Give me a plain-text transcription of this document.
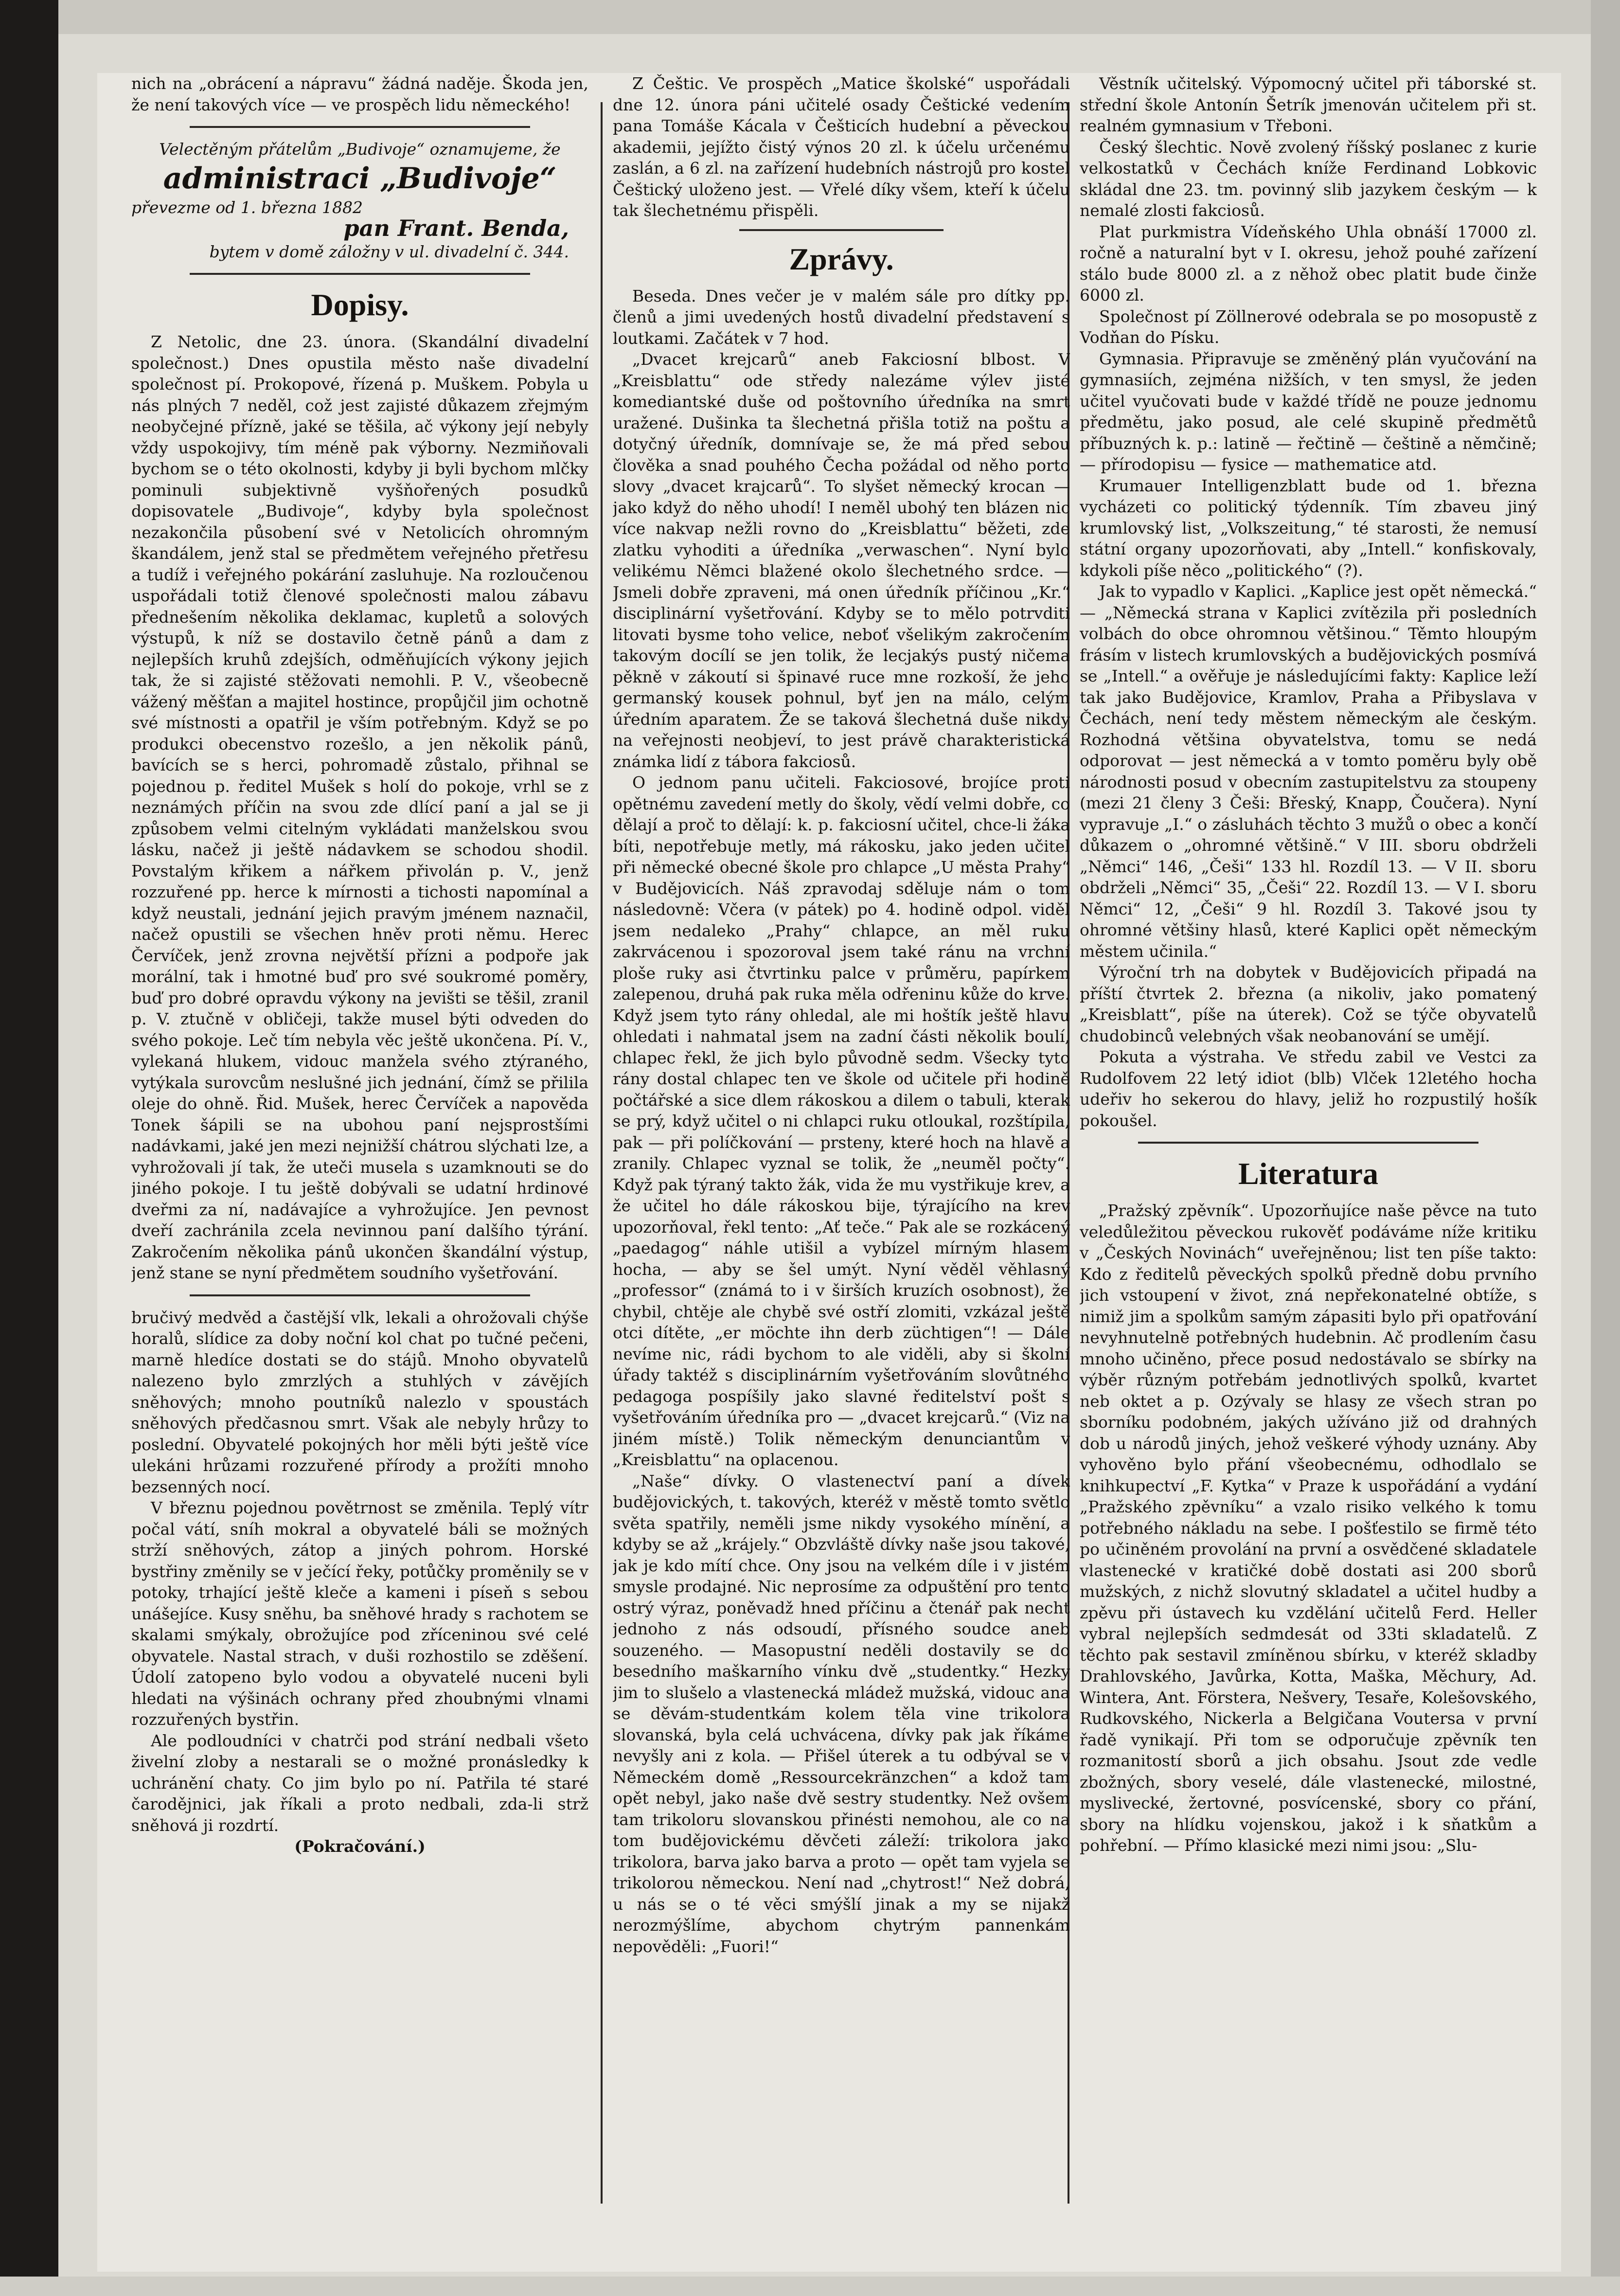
nich na „obrácení a nápravu“ žádná naděje. Škoda jen, že není takových více — ve prospěch lidu německého!

Velectěným přátelům „Budivoje“ oznamujeme, že

administraci „Budivoje“

převezme od 1. března 1882

pan Frant. Benda,

bytem v domě záložny v ul. divadelní č. 344.

Dopisy.

Z Netolic, dne 23. února. (Skandální divadelní společnost.) Dnes opustila město naše divadelní společnost pí. Prokopové, řízená p. Muškem. Pobyla u nás plných 7 neděl, což jest zajisté důkazem zřejmým neobyčejné přízně, jaké se těšila, ač výkony její nebyly vždy uspokojivy, tím méně pak výborny. Nezmiňovali bychom se o této okolnosti, kdyby ji byli bychom mlčky pominuli subjektivně vyšňořených posudků dopisovatele „Budivoje“, kdyby byla společnost nezakončila působení své v Netolicích ohromným škandálem, jenž stal se předmětem veřejného přetřesu a tudíž i veřejného pokárání zasluhuje. Na rozloučenou uspořádali totiž členové společnosti malou zábavu přednešením několika deklamac, kupletů a solových výstupů, k níž se dostavilo četně pánů a dam z nejlepších kruhů zdejších, odměňujících výkony jejich tak, že si zajisté stěžovati nemohli. P. V., všeobecně vážený měšťan a majitel hostince, propůjčil jim ochotně své místnosti a opatřil je vším potřebným. Když se po produkci obecenstvo rozešlo, a jen několik pánů, bavících se s herci, pohromadě zůstalo, přihnal se pojednou p. ředitel Mušek s holí do pokoje, vrhl se z neznámých příčin na svou zde dlící paní a jal se ji způsobem velmi citelným vykládati manželskou svou lásku, načež ji ještě nádavkem se schodou shodil. Povstalým křikem a nářkem přivolán p. V., jenž rozzuřené pp. herce k mírnosti a tichosti napomínal a když neustali, jednání jejich pravým jménem naznačil, načež opustili se všechen hněv proti němu. Herec Červíček, jenž zrovna největší přízni a podpoře jak morální, tak i hmotné buď pro své soukromé poměry, buď pro dobré opravdu výkony na jevišti se těšil, zranil p. V. ztučně v obličeji, takže musel býti odveden do svého pokoje. Leč tím nebyla věc ještě ukončena. Pí. V., vylekaná hlukem, vidouc manžela svého ztýraného, vytýkala surovcům neslušné jich jednání, čímž se přilila oleje do ohně. Řid. Mušek, herec Červíček a napověda Tonek šápili se na ubohou paní nejsprostšími nadávkami, jaké jen mezi nejnižší chátrou slýchati lze, a vyhrožovali jí tak, že uteči musela s uzamknouti se do jiného pokoje. I tu ještě dobývali se udatní hrdinové dveřmi za ní, nadávajíce a vyhrožujíce. Jen pevnost dveří zachránila zcela nevinnou paní dalšího týrání. Zakročením několika pánů ukončen škandální výstup, jenž stane se nyní předmětem soudního vyšetřování.

bručivý medvěd a častější vlk, lekali a ohrožovali chýše horalů, slídice za doby noční kol chat po tučné pečeni, marně hledíce dostati se do stájů. Mnoho obyvatelů nalezeno bylo zmrzlých a stuhlých v závějích sněhových; mnoho poutníků nalezlo v spoustách sněhových předčasnou smrt. Však ale nebyly hrůzy to poslední. Obyvatelé pokojných hor měli býti ještě více ulekáni hrůzami rozzuřené přírody a prožíti mnoho bezsenných nocí.

V březnu pojednou povětrnost se změnila. Teplý vítr počal vátí, sníh mokral a obyvatelé báli se možných strží sněhových, zátop a jiných pohrom. Horské bystřiny změnily se v ječící řeky, potůčky proměnily se v potoky, trhající ještě kleče a kameni i píseň s sebou unášejíce. Kusy sněhu, ba sněhové hrady s rachotem se skalami smýkaly, obrožujíce pod zříceninou své celé obyvatele. Nastal strach, v duši rozhostilo se zděšení. Údolí zatopeno bylo vodou a obyvatelé nuceni byli hledati na výšinách ochrany před zhoubnými vlnami rozzuřených bystřin.

Ale podloudníci v chatrči pod strání nedbali všeto živelní zloby a nestarali se o možné pronásledky k uchránění chaty. Co jim bylo po ní. Patřila té staré čarodějnici, jak říkali a proto nedbali, zda-li strž sněhová ji rozdrtí.

(Pokračování.)

Z Češtic. Ve prospěch „Matice školské“ uspořádali dne 12. února páni učitelé osady Češtické vedením pana Tomáše Kácala v Češticích hudební a pěveckou akademii, jejížto čistý výnos 20 zl. k účelu určenému zaslán, a 6 zl. na zařízení hudebních nástrojů pro kostel Češtický uloženo jest. — Vřelé díky všem, kteří k účelu tak šlechetnému přispěli.

Zprávy.

Beseda. Dnes večer je v malém sále pro dítky pp. členů a jimi uvedených hostů divadelní představení s loutkami. Začátek v 7 hod.

„Dvacet krejcarů“ aneb Fakciosní blbost. V „Kreisblattu“ ode středy nalezáme výlev jisté komediantské duše od poštovního úředníka na smrt uražené. Dušinka ta šlechetná přišla totiž na poštu a dotyčný úředník, domnívaje se, že má před sebou člověka a snad pouhého Čecha požádal od něho porto slovy „dvacet krajcarů“. To slyšet německý krocan — jako když do něho uhodí! I neměl ubohý ten blázen nic více nakvap nežli rovno do „Kreisblattu“ běžeti, zde zlatku vyhoditi a úředníka „verwaschen“. Nyní bylo velikému Němci blažené okolo šlechetného srdce. — Jsmeli dobře zpraveni, má onen úředník příčinou „Kr.“ disciplinární vyšetřování. Kdyby se to mělo potrvditi litovati bysme toho velice, neboť všelikým zakročením takovým docílí se jen tolik, že lecjakýs pustý ničema pěkně v zákoutí si špinavé ruce mne rozkoší, že jeho germanský kousek pohnul, byť jen na málo, celým úředním aparatem. Že se taková šlechetná duše nikdy na veřejnosti neobjeví, to jest právě charakteristická známka lidí z tábora fakciosů.

O jednom panu učiteli. Fakciosové, brojíce proti opětnému zavedení metly do školy, vědí velmi dobře, co dělají a proč to dělají: k. p. fakciosní učitel, chce-li žáka bíti, nepotřebuje metly, má rákosku, jako jeden učitel při německé obecné škole pro chlapce „U města Prahy“ v Budějovicích. Náš zpravodaj sděluje nám o tom následovně: Včera (v pátek) po 4. hodině odpol. viděl jsem nedaleko „Prahy“ chlapce, an měl ruku zakrvácenou i spozoroval jsem také ránu na vrchní ploše ruky asi čtvrtinku palce v průměru, papírkem zalepenou, druhá pak ruka měla odřeninu kůže do krve. Když jsem tyto rány ohledal, ale mi hoštík ještě hlavu ohledati i nahmatal jsem na zadní části několik boulí, chlapec řekl, že jich bylo původně sedm. Všecky tyto rány dostal chlapec ten ve škole od učitele při hodině počtářské a sice dlem rákoskou a dilem o tabuli, kterak se prý, když učitel o ni chlapci ruku otloukal, rozštípila, pak — při políčkování — prsteny, které hoch na hlavě a zranily. Chlapec vyznal se tolik, že „neuměl počty“. Když pak týraný takto žák, vida že mu vystřikuje krev, a že učitel ho dále rákoskou bije, týrajícího na krev upozorňoval, řekl tento: „Ať teče.“ Pak ale se rozkácený „paedagog“ náhle utišil a vybízel mírným hlasem hocha, — aby se šel umýt. Nyní věděl věhlasný „professor“ (známá to i v širších kruzích osobnost), že chybil, chtěje ale chybě své ostří zlomiti, vzkázal ještě otci dítěte, „er möchte ihn derb züchtigen“! — Dále nevíme nic, rádi bychom to ale viděli, aby si školní úřady taktéž s disciplinárním vyšetřováním slovůtného pedagoga pospíšily jako slavné ředitelství pošt s vyšetřováním úředníka pro — „dvacet krejcarů.“ (Viz na jiném místě.) Tolik německým denunciantům v „Kreisblattu“ na oplacenou.

„Naše“ dívky. O vlastenectví paní a dívek budějovických, t. takových, kteréž v městě tomto světlo světa spatřily, neměli jsme nikdy vysokého mínění, a kdyby se až „krájely.“ Obzvláště dívky naše jsou takové, jak je kdo mítí chce. Ony jsou na velkém díle i v jistém smysle prodajné. Nic neprosíme za odpuštění pro tento ostrý výraz, poněvadž hned příčinu a čtenář pak nechť jednoho z nás odsoudí, přísného soudce aneb souzeného. — Masopustní neděli dostavily se do besedního maškarního vínku dvě „studentky.“ Hezky jim to slušelo a vlastenecká mládež mužská, vidouc ana se děvám-studentkám kolem těla vine trikolora slovanská, byla celá uchvácena, dívky pak jak říkáme nevyšly ani z kola. — Přišel úterek a tu odbýval se v Německém domě „Ressourcekränzchen“ a kdož tam opět nebyl, jako naše dvě sestry studentky. Než ovšem tam trikoloru slovanskou přinésti nemohou, ale co na tom budějovickému děvčeti záleží: trikolora jako trikolora, barva jako barva a proto — opět tam vyjela se trikolorou německou. Není nad „chytrost!“ Než dobrá, u nás se o té věci smýšlí jinak a my se nijakž nerozmýšlíme, abychom chytrým pannenkám nepověděli: „Fuori!“

Věstník učitelský. Výpomocný učitel při táborské st. střední škole Antonín Šetrík jmenován učitelem při st. realném gymnasium v Třeboni.

Český šlechtic. Nově zvolený říšský poslanec z kurie velkostatků v Čechách kníže Ferdinand Lobkovic skládal dne 23. tm. povinný slib jazykem českým — k nemalé zlosti fakciosů.

Plat purkmistra Vídeňského Uhla obnáší 17000 zl. ročně a naturalní byt v I. okresu, jehož pouhé zařízení stálo bude 8000 zl. a z něhož obec platit bude činže 6000 zl.

Společnost pí Zöllnerové odebrala se po mosopustě z Vodňan do Písku.

Gymnasia. Připravuje se změněný plán vyučování na gymnasiích, zejména nižších, v ten smysl, že jeden učitel vyučovati bude v každé třídě ne pouze jednomu předmětu, jako posud, ale celé skupině předmětů příbuzných k. p.: latině — řečtině — češtině a němčině; — přírodopisu — fysice — mathematice atd.

Krumauer Intelligenzblatt bude od 1. března vycházeti co politický týdenník. Tím zbaveu jiný krumlovský list, „Volkszeitung,“ té starosti, že nemusí státní organy upozorňovati, aby „Intell.“ konfiskovaly, kdykoli píše něco „politického“ (?).

Jak to vypadlo v Kaplici. „Kaplice jest opět německá.“ — „Německá strana v Kaplici zvítězila při posledních volbách do obce ohromnou většinou.“ Těmto hloupým frásím v listech krumlovských a budějovických posmívá se „Intell.“ a ověřuje je následujícími fakty: Kaplice leží tak jako Budějovice, Kramlov, Praha a Přibyslava v Čechách, není tedy městem německým ale českým. Rozhodná většina obyvatelstva, tomu se nedá odporovat — jest německá a v tomto poměru byly obě národnosti posud v obecním zastupitelstvu za stoupeny (mezi 21 členy 3 Češi: Břeský, Knapp, Čoučera). Nyní vypravuje „I.“ o zásluhách těchto 3 mužů o obec a končí důkazem o „ohromné většině.“ V III. sboru obdrželi „Němci“ 146, „Češi“ 133 hl. Rozdíl 13. — V II. sboru obdrželi „Němci“ 35, „Češi“ 22. Rozdíl 13. — V I. sboru Němci“ 12, „Češi“ 9 hl. Rozdíl 3. Takové jsou ty ohromné většiny hlasů, které Kaplici opět německým městem učinila.“

Výroční trh na dobytek v Budějovicích připadá na příští čtvrtek 2. března (a nikoliv, jako pomatený „Kreisblatt“, píše na úterek). Což se týče obyvatelů chudobinců velebných však neobanování se umějí.

Pokuta a výstraha. Ve středu zabil ve Vestci za Rudolfovem 22 letý idiot (blb) Vlček 12letého hocha udeřiv ho sekerou do hlavy, jeliž ho rozpustilý hošík pokoušel.

Literatura

„Pražský zpěvník“. Upozorňujíce naše pěvce na tuto veledůležitou pěveckou rukověť podáváme níže kritiku v „Českých Novinách“ uveřejněnou; list ten píše takto: Kdo z ředitelů pěveckých spolků předně dobu prvního jich vstoupení v život, zná nepřekonatelné obtíže, s nimiž jim a spolkům samým zápasiti bylo při opatřování nevyhnutelně potřebných hudebnin. Ač prodlením času mnoho učiněno, přece posud nedostávalo se sbírky na výběr různým potřebám jednotlivých spolků, kvartet neb oktet a p. Ozývaly se hlasy ze všech stran po sborníku podobném, jakých užíváno již od drahných dob u národů jiných, jehož veškeré výhody uznány. Aby vyhověno bylo přání všeobecnému, odhodlalo se knihkupectví „F. Kytka“ v Praze k uspořádání a vydání „Pražského zpěvníku“ a vzalo risiko velkého k tomu potřebného nákladu na sebe. I pošťestilo se firmě této po učiněném provolání na první a osvědčené skladatele vlastenecké v kratičké době dostati asi 200 sborů mužských, z nichž slovutný skladatel a učitel hudby a zpěvu při ústavech ku vzdělání učitelů Ferd. Heller vybral nejlepších sedmdesát od 33ti skladatelů. Z těchto pak sestavil zmíněnou sbírku, v kteréž skladby Drahlovského, Javůrka, Kotta, Maška, Měchury, Ad. Wintera, Ant. Förstera, Nešvery, Tesaře, Kolešovského, Rudkovského, Nickerla a Belgičana Voutersa v první řadě vynikají. Při tom se odporučuje zpěvník ten rozmanitostí sborů a jich obsahu. Jsout zde vedle zbožných, sbory veselé, dále vlastenecké, milostné, myslivecké, žertovné, posvícenské, sbory co přání, sbory na hlídku vojenskou, jakož i k sňatkům a pohřební. — Přímo klasické mezi nimi jsou: „Slu-
